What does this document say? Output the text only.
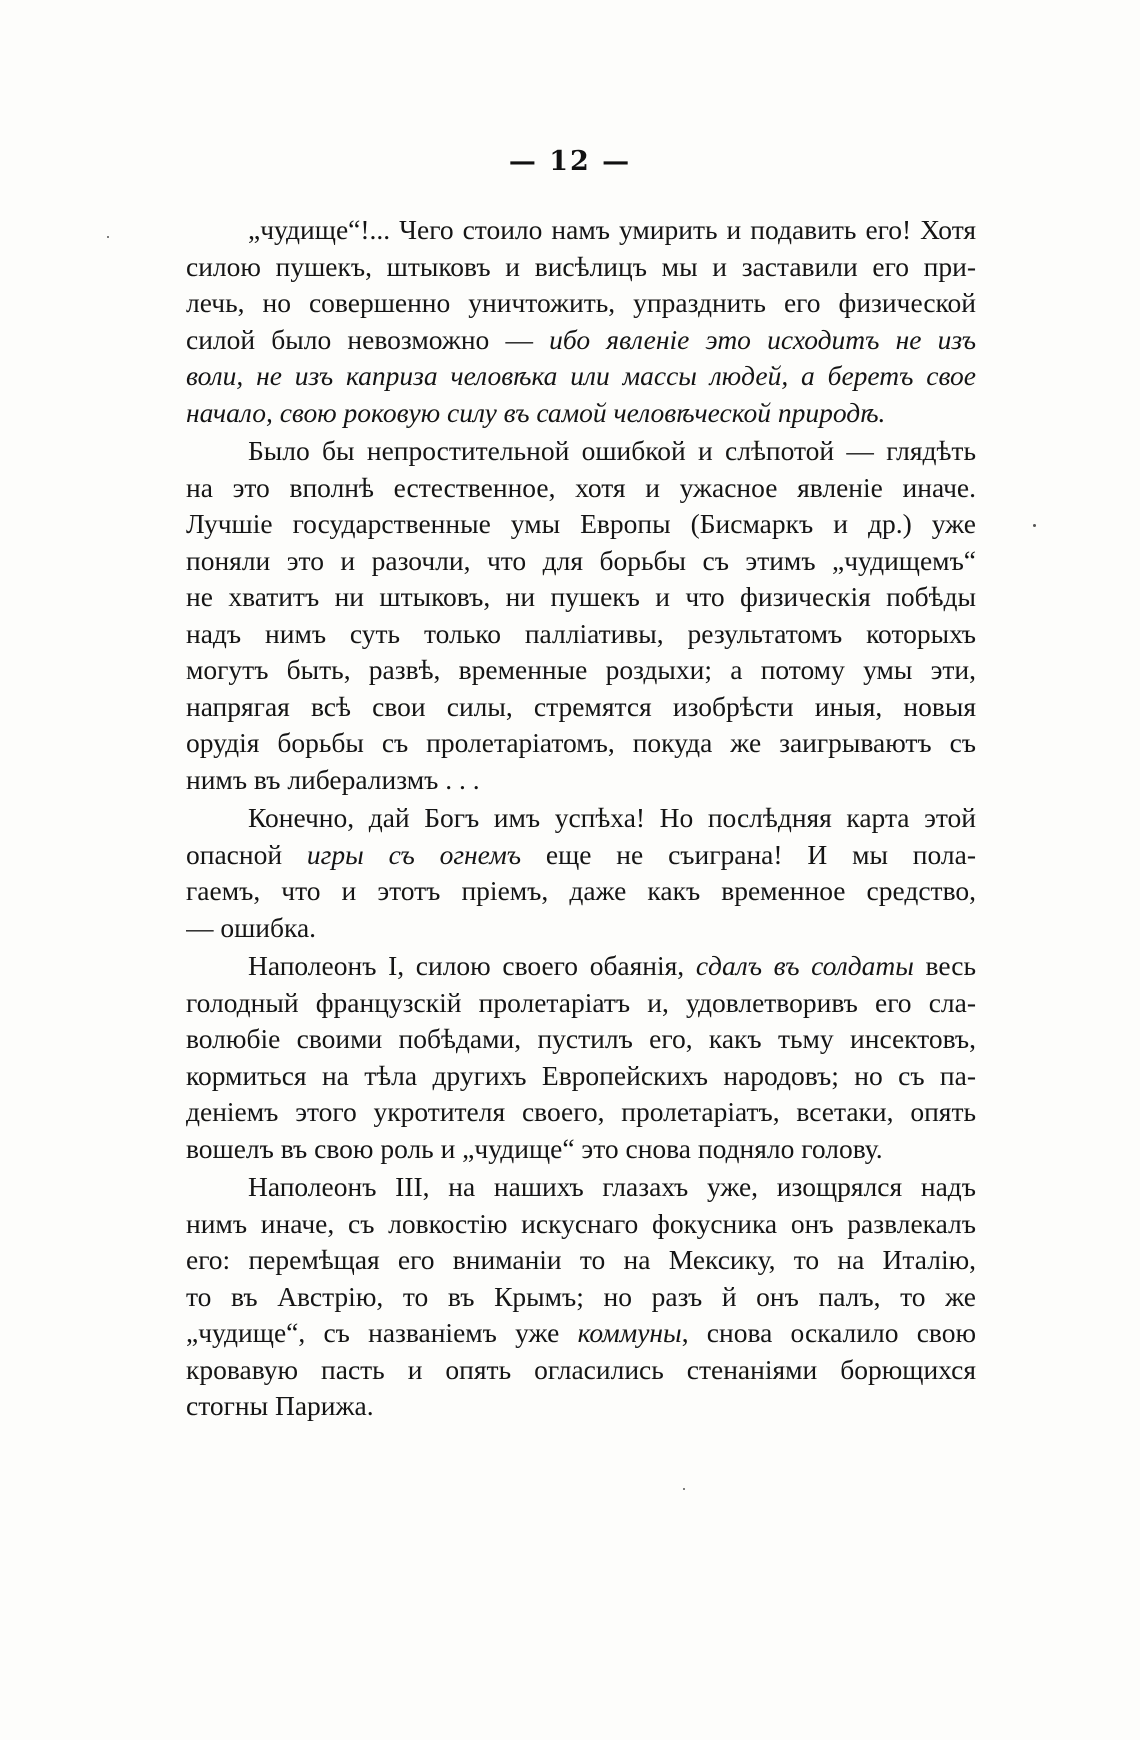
— 12 —
„чудище“!... Чего стоило намъ умирить и подавить его! Хотя
силою пушекъ, штыковъ и висѣлицъ мы и заставили его при-
лечь, но совершенно уничтожить, упразднить его физической
силой было невозможно — ибо явленіе это исходитъ не изъ
воли, не изъ каприза человѣка или массы людей, а беретъ свое
начало, свою роковую силу въ самой человѣческой природѣ.
Было бы непростительной ошибкой и слѣпотой — глядѣть
на это вполнѣ естественное, хотя и ужасное явленіе иначе.
Лучшіе государственные умы Европы (Бисмаркъ и др.) уже
поняли это и разочли, что для борьбы съ этимъ „чудищемъ“
не хватитъ ни штыковъ, ни пушекъ и что физическія побѣды
надъ нимъ суть только палліативы, результатомъ которыхъ
могутъ быть, развѣ, временные роздыхи; а потому умы эти,
напрягая всѣ свои силы, стремятся изобрѣсти иныя, новыя
орудія борьбы съ пролетаріатомъ, покуда же заигрываютъ съ
нимъ въ либерализмъ . . .
Конечно, дай Богъ имъ успѣха! Но послѣдняя карта этой
опасной игры съ огнемъ еще не съиграна! И мы пола-
гаемъ, что и этотъ пріемъ, даже какъ временное средство,
— ошибка.
Наполеонъ I, силою своего обаянія, сдалъ въ солдаты весь
голодный французскій пролетаріатъ и, удовлетворивъ его сла-
волюбіе своими побѣдами, пустилъ его, какъ тьму инсектовъ,
кормиться на тѣла другихъ Европейскихъ народовъ; но съ па-
деніемъ этого укротителя своего, пролетаріатъ, всетаки, опять
вошелъ въ свою роль и „чудище“ это снова подняло голову.
Наполеонъ III, на нашихъ глазахъ уже, изощрялся надъ
нимъ иначе, съ ловкостію искуснаго фокусника онъ развлекалъ
его: перемѣщая его вниманіи то на Мексику, то на Италію,
то въ Австрію, то въ Крымъ; но разъ й онъ палъ, то же
„чудище“, съ названіемъ уже коммуны, снова оскалило свою
кровавую пасть и опять огласились стенаніями борющихся
стогны Парижа.
